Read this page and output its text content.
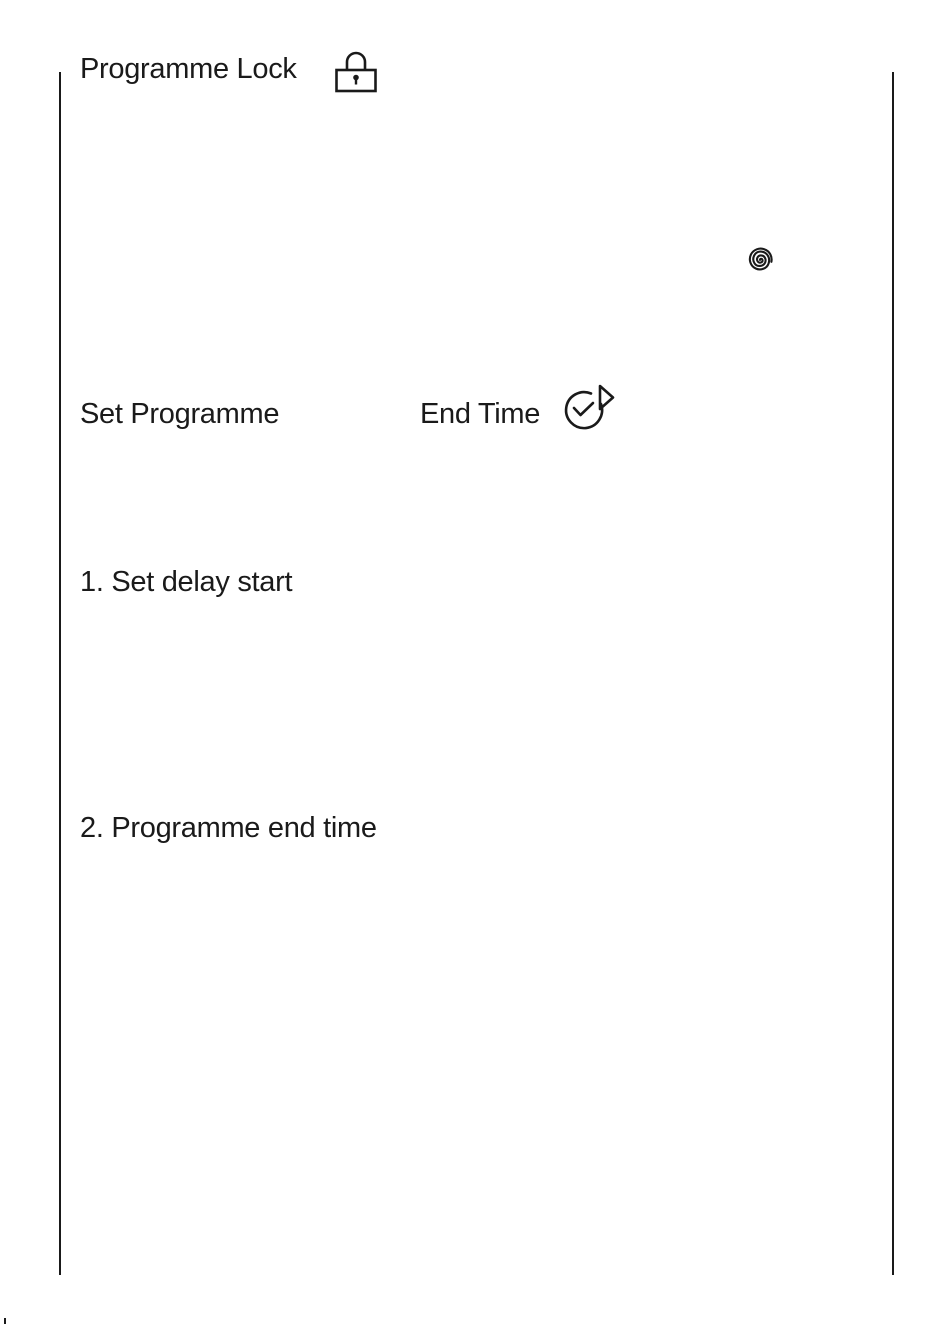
Programme Lock
Set Programme	End Time
1. Set delay start
2. Programme end time
